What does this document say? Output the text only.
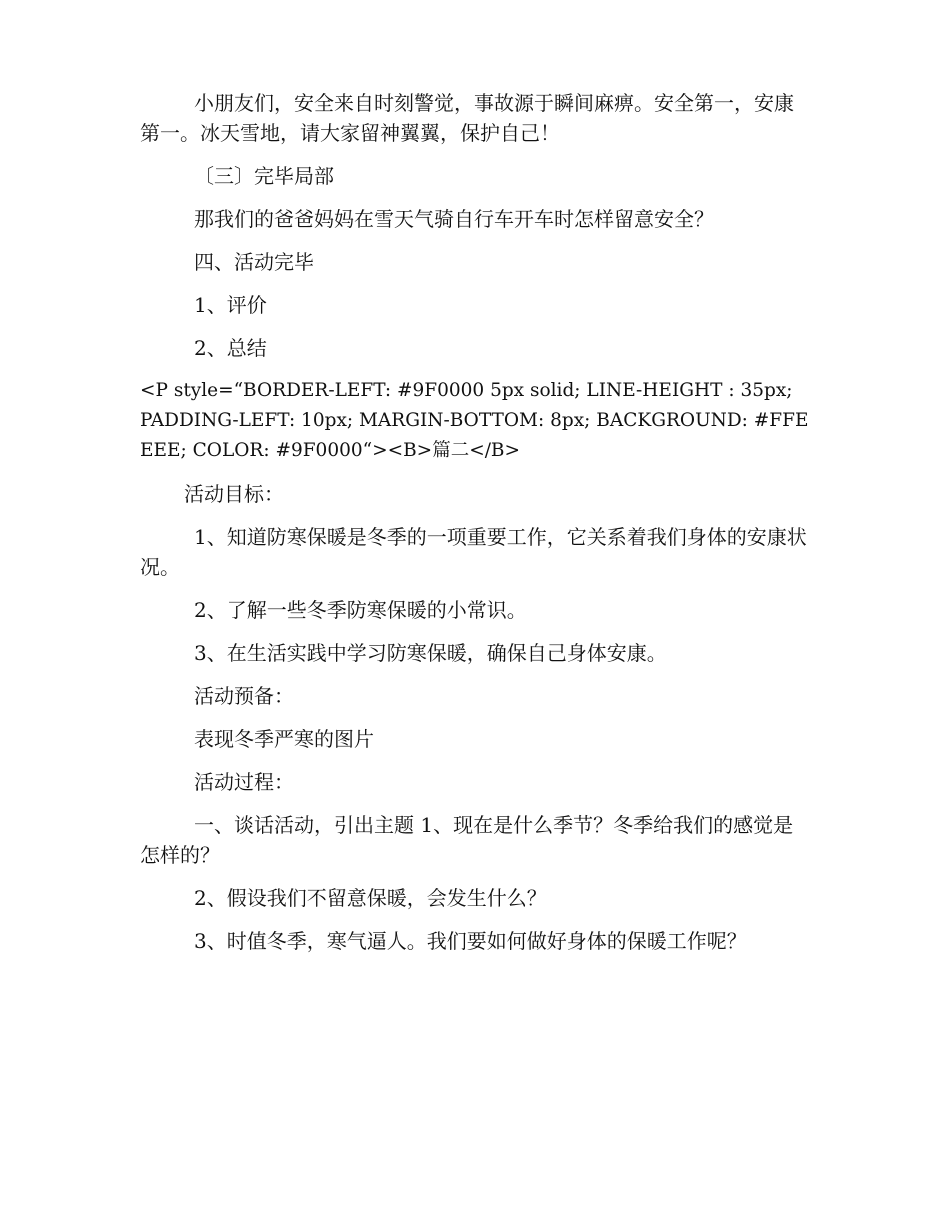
小朋友们，安全来自时刻警觉，事故源于瞬间麻痹。安全第一，安康第一。冰天雪地，请大家留神翼翼，保护自己！

〔三〕完毕局部

那我们的爸爸妈妈在雪天气骑自行车开车时怎样留意安全？

四、活动完毕

1、评价

2、总结

<P style=“BORDER-LEFT: #9F0000 5px solid; LINE-HEIGHT : 35px; PADDING-LEFT: 10px; MARGIN-BOTTOM: 8px; BACKGROUND: #FFEEEE; COLOR: #9F0000“><B>篇二</B>

活动目标：

1、知道防寒保暖是冬季的一项重要工作，它关系着我们身体的安康状况。

2、了解一些冬季防寒保暖的小常识。

3、在生活实践中学习防寒保暖，确保自己身体安康。

活动预备：

表现冬季严寒的图片

活动过程：

一、谈话活动，引出主题 1、现在是什么季节？冬季给我们的感觉是怎样的？

2、假设我们不留意保暖，会发生什么？

3、时值冬季，寒气逼人。我们要如何做好身体的保暖工作呢？
